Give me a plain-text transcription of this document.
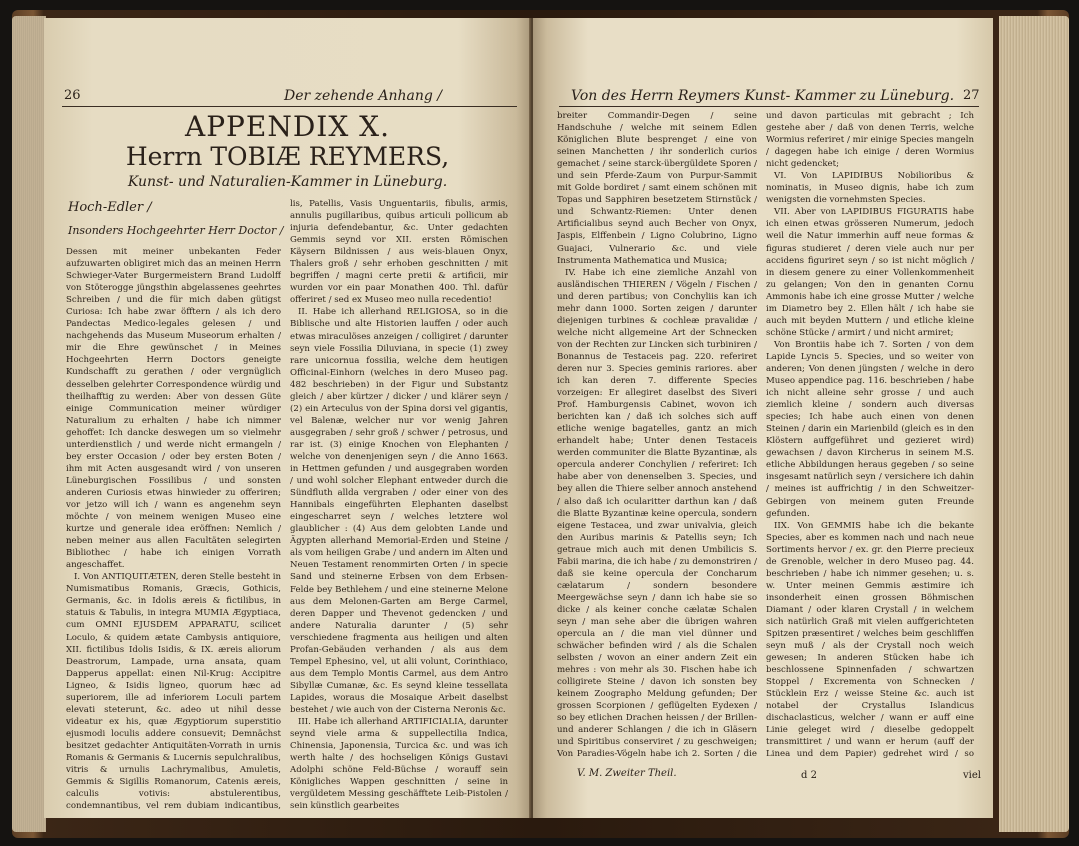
26	Der zehende Anhang /
APPENDIX X.
Herrn TOBIÆ REYMERS,
Kunst- und Naturalien-Kammer in Lüneburg.
Hoch-Edler /
Insonders Hochgeehrter Herr Doctor /

Dessen mit meiner unbekanten Feder aufzuwarten obligiret mich das an meinen Herrn Schwieger-Vater Burgermeistern Brand Ludolff von Stöterogge jüngsthin abgelassenes geehrtes Schreiben / und die für mich daben gütigst Curiosa: Ich habe zwar öfftern / als ich dero Pandectas Medico-legales gelesen / und nachgehends das Museum Museorum erhalten / mir die Ehre gewünschet / in Meines Hochgeehrten Herrn Doctors geneigte Kundschafft zu gerathen / oder vergnüglich desselben gelehrter Correspondence würdig und theilhafftig zu werden: Aber von dessen Güte einige Communication meiner würdiger Naturalium zu erhalten / habe ich nimmer gehoffet: Ich dancke deswegen um so vielmehr unterdienstlich / und werde nicht ermangeln / bey erster Occasion / oder bey ersten Boten / ihm mit Acten ausgesandt wird / von unseren Lüneburgischen Fossilibus / und sonsten anderen Curiosis etwas hinwieder zu offeriren; vor jetzo will ich / wann es angenehm seyn möchte / von meinem wenigen Museo eine kurtze und generale idea eröffnen: Nemlich / neben meiner aus allen Facultäten selegirten Bibliothec / habe ich einigen Vorrath angeschaffet.

I. Von ANTIQUITÆTEN, deren Stelle besteht in Numismatibus Romanis, Græcis, Gothicis, Germanis, &c. in Idolis æreis & fictilibus, in statuis & Tabulis, in integra MUMIA Ægyptiaca, cum OMNI EJUSDEM APPARATU, scilicet Loculo, & quidem ætate Cambysis antiquiore, XII. fictilibus Idolis Isidis, & IX. æreis aliorum Deastrorum, Lampade, urna ansata, quam Dapperus appellat: einen Nil-Krug: Accipitre Ligneo, & Isidis ligneo, quorum hæc ad superiorem, ille ad inferiorem Loculi partem elevati steterunt, &c. adeo ut nihil desse videatur ex his, quæ Ægyptiorum superstitio ejusmodi loculis addere consuevit; Demnächst besitzet gedachter Antiquitäten-Vorrath in urnis Romanis & Germanis & Lucernis sepulchralibus, vitris & urnulis Lachrymalibus, Amuletis, Gemmis & Sigillis Romanorum, Catenis æreis, calculis votivis: abstulerentibus, condemnantibus, vel rem dubiam indicantibus,

lis, Patellis, Vasis Unguentariis, fibulis, armis, annulis pugillaribus, quibus articuli pollicum ab injuria defendebantur, &c. Unter gedachten Gemmis seynd vor XII. ersten Römischen Käysern Bildnissen / aus weis-blauen Onyx, Thalers groß / sehr erhoben geschnitten / mit begriffen / magni certe pretii & artificii, mir wurden vor ein paar Monathen 400. Thl. dafür offeriret / sed ex Museo meo nulla recedentio!

II. Habe ich allerhand RELIGIOSA, so in die Biblische und alte Historien lauffen / oder auch etwas miraculöses anzeigen / colligiret / darunter seyn viele Fossilia Diluviana, in specie (1) zwey rare unicornua fossilia, welche dem heutigen Officinal-Einhorn (welches in dero Museo pag. 482 beschrieben) in der Figur und Substantz gleich / aber kürtzer / dicker / und klärer seyn / (2) ein Arteculus von der Spina dorsi vel gigantis, vel Balenæ, welcher nur vor wenig Jahren ausgegraben / sehr groß / schwer / petrosus, und rar ist. (3) einige Knochen von Elephanten / welche von denenjenigen seyn / die Anno 1663. in Hettmen gefunden / und ausgegraben worden / und wohl solcher Elephant entweder durch die Sündfluth allda vergraben / oder einer von des Hannibals eingeführten Elephanten daselbst eingescharret seyn / welches letztere wol glaublicher : (4) Aus dem gelobten Lande und Ägypten allerhand Memorial-Erden und Steine / als vom heiligen Grabe / und andern im Alten und Neuen Testament renommirten Orten / in specie Sand und steinerne Erbsen von dem Erbsen-Felde bey Bethlehem / und eine steinerne Melone aus dem Melonen-Garten am Berge Carmel, deren Dapper und Thevenot gedencken / und andere Naturalia darunter / (5) sehr verschiedene fragmenta aus heiligen und alten Profan-Gebäuden verhanden / als aus dem Tempel Ephesino, vel, ut alii volunt, Corinthiaco, aus dem Templo Montis Carmel, aus dem Antro Sibyllæ Cumanæ, &c. Es seynd kleine tessellata Lapides, woraus die Mosaique Arbeit daselbst bestehet / wie auch von der Cisterna Neronis &c.

III. Habe ich allerhand ARTIFICIALIA, darunter seynd viele arma & suppellectilia Indica, Chinensia, Japonensia, Turcica &c. und was ich werth halte / des hochseligen Königs Gustavi Adolphi schöne Feld-Büchse / worauff sein Königliches Wappen geschnitten / seine in vergüldetem Messing geschäfftete Leib-Pistolen / sein künstlich gearbeites

Von des Herrn Reymers Kunst- Kammer zu Lüneburg. 27

breiter Commandir-Degen / seine Handschuhe / welche mit seinem Edlen Königlichen Blute besprenget / eine von seinen Manchetten / ihr sonderlich curios gemachet / seine starck-übergüldete Sporen / und sein Pferde-Zaum von Purpur-Sammit mit Golde bordiret / samt einem schönen mit Topas und Sapphiren besetzetem Stirnstück / und Schwantz-Riemen: Unter denen Artificialibus seynd auch Becher von Onyx, Jaspis, Elffenbein / Ligno Colubrino, Ligno Guajaci, Vulnerario &c. und viele Instrumenta Mathematica und Musica;

IV. Habe ich eine ziemliche Anzahl von ausländischen THIEREN / Vögeln / Fischen / und deren partibus; von Conchyliis kan ich mehr dann 1000. Sorten zeigen / darunter diejenigen turbines & cochleæ pravalidæ / welche nicht allgemeine Art der Schnecken von der Rechten zur Lincken sich turbiniren / Bonannus de Testaceis pag. 220. referiret deren nur 3. Species geminis rariores. aber ich kan deren 7. differente Species vorzeigen: Er allegiret daselbst des Siveri Prof. Hamburgensis Cabinet, wovon ich berichten kan / daß ich solches sich auff etliche wenige bagatelles, gantz an mich erhandelt habe; Unter denen Testaceis werden communiter die Blatte Byzantinæ, als opercula anderer Conchylien / referiret: Ich habe aber von denenselben 3. Species, und bey allen die Thiere selber annoch anstehend / also daß ich ocularitter darthun kan / daß die Blatte Byzantinæ keine opercula, sondern eigene Testacea, und zwar univalvia, gleich den Auribus marinis & Patellis seyn; Ich getraue mich auch mit denen Umbilicis S. Fabii marina, die ich habe / zu demonstriren / daß sie keine opercula der Concharum cælatarum / sondern besondere Meergewächse seyn / dann ich habe sie so dicke / als keiner conche cælatæ Schalen seyn / man sehe aber die übrigen wahren opercula an / die man viel dünner und schwächer befinden wird / als die Schalen selbsten / wovon an einer andern Zeit ein mehres : von mehr als 30. Fischen habe ich colligirete Steine / davon ich sonsten bey keinem Zoographo Meldung gefunden; Der grossen Scorpionen / geflügelten Eydexen / so bey etlichen Drachen heissen / der Brillen- und anderer Schlangen / die ich in Gläsern und Spiritibus conserviret / zu geschweigen; Von Paradies-Vögeln habe ich 2. Sorten / die

und davon particulas mit gebracht ; Ich gestehe aber / daß von denen Terris, welche Wormius referiret / mir einige Species mangeln / dagegen habe ich einige / deren Wormius nicht gedencket;

VI. Von LAPIDIBUS Nobilioribus & nominatis, in Museo dignis, habe ich zum wenigsten die vornehmsten Species.

VII. Aber von LAPIDIBUS FIGURATIS habe ich einen etwas grösseren Numerum, jedoch weil die Natur immerhin auff neue formas & figuras studieret / deren viele auch nur per accidens figuriret seyn / so ist nicht möglich / in diesem genere zu einer Vollenkommenheit zu gelangen; Von den in genanten Cornu Ammonis habe ich eine grosse Mutter / welche im Diametro bey 2. Ellen hält / ich habe sie auch mit beyden Muttern / und etliche kleine schöne Stücke / armirt / und nicht armiret;

Von Brontiis habe ich 7. Sorten / von dem Lapide Lyncis 5. Species, und so weiter von anderen; Von denen jüngsten / welche in dero Museo appendice pag. 116. beschrieben / habe ich nicht alleine sehr grosse / und auch ziemlich kleine / sondern auch diversas species; Ich habe auch einen von denen Steinen / darin ein Marienbild (gleich es in den Klöstern auffgeführet und gezieret wird) gewachsen / davon Kircherus in seinem M.S. etliche Abbildungen heraus gegeben / so seine insgesamt natürlich seyn / versichere ich dahin / meines ist auffrichtig / in den Schweitzer-Gebirgen von meinem guten Freunde gefunden.

IIX. Von GEMMIS habe ich die bekante Species, aber es kommen nach und nach neue Sortiments hervor / ex. gr. den Pierre precieux de Grenoble, welcher in dero Museo pag. 44. beschrieben / habe ich nimmer gesehen; u. s. w. Unter meinen Gemmis æstimire ich insonderheit einen grossen Böhmischen Diamant / oder klaren Crystall / in welchem sich natürlich Graß mit vielen auffgerichteten Spitzen præsentiret / welches beim geschliffen seyn muß / als der Crystall noch weich gewesen; In anderen Stücken habe ich beschlossene Spinnenfaden / schwartzen Stoppel / Excrementa von Schnecken / Stücklein Erz / weisse Steine &c. auch ist notabel der Crystallus Islandicus dischaclasticus, welcher / wann er auff eine Linie geleget wird / dieselbe gedoppelt transmittiret / und wann er herum (auff der Linea und dem Papier) gedrehet wird / so

V. M. Zweiter Theil.	d 2	viel
